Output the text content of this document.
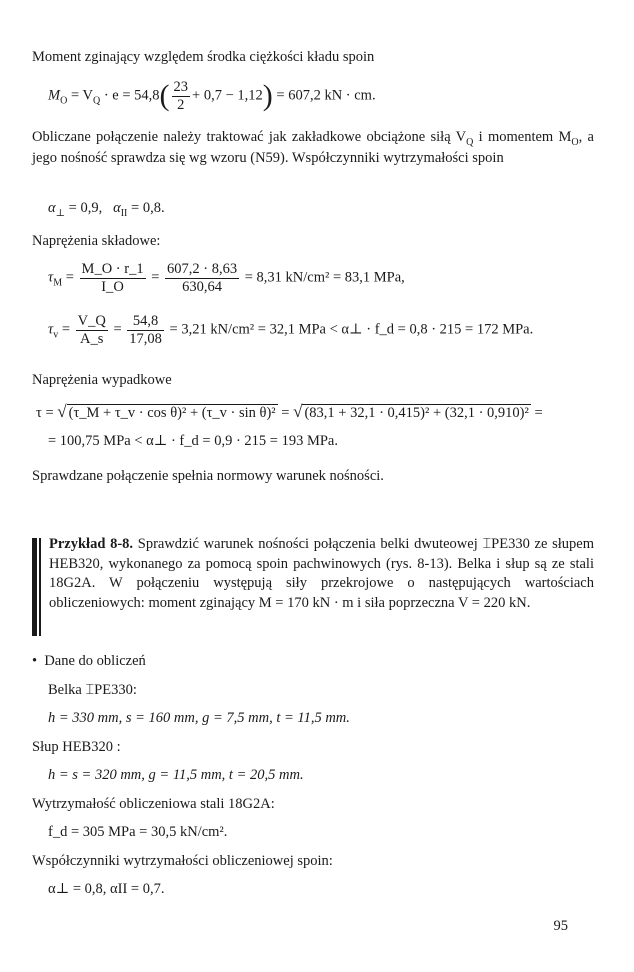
Moment zginający względem środka ciężkości kładu spoin

$M_O = V_Q \cdot e = 54,8( \frac{23}{2} + 0,7 - 1,12) = 607,2$ kN · cm.

Obliczane połączenie należy traktować jak zakładkowe obciążone siłą $V_Q$ i momentem $M_O$, a jego nośność sprawdza się wg wzoru (N59). Współczynniki wytrzymałości spoin

$\alpha_\perp = 0,9$, $\alpha_{II} = 0,8$.

Naprężenia składowe:

$\tau_M = \frac{M\_O \cdot r\_1}{I\_O} = \frac{607,2 \cdot 8,63}{630,64} = 8,31$ kN/cm² = 83,1 MPa,
$\tau_v = \frac{V\_Q}{A\_s} = \frac{54,8}{17,08} = 3,21$ kN/cm² = 32,1 MPa < α⊥ · f_d = 0,8 · 215 = 172 MPa.

Naprężenia wypadkowe

τ = √ (τ_M + τ_v · cos θ)² + (τ_v · sin θ)² = √ (83,1 + 32,1 · 0,415)² + (32,1 · 0,910)² =
= 100,75 MPa < α⊥ · f_d = 0,9 · 215 = 193 MPa.

Sprawdzane połączenie spełnia normowy warunek nośności.

Przykład 8-8. Sprawdzić warunek nośności połączenia belki dwuteowej ⌶PE330 ze słupem HEB320, wykonanego za pomocą spoin pachwinowych (rys. 8-13). Belka i słup są ze stali 18G2A. W połączeniu występują siły przekrojowe o następujących wartościach obliczeniowych: moment zginający M = 170 kN · m i siła poprzeczna V = 220 kN.

• Dane do obliczeń

Belka ⌶PE330:

h = 330 mm, s = 160 mm, g = 7,5 mm, t = 11,5 mm.

Słup HEB320 :

h = s = 320 mm, g = 11,5 mm, t = 20,5 mm.

Wytrzymałość obliczeniowa stali 18G2A:

f_d = 305 MPa = 30,5 kN/cm².

Współczynniki wytrzymałości obliczeniowej spoin:

α⊥ = 0,8, αII = 0,7.

95
